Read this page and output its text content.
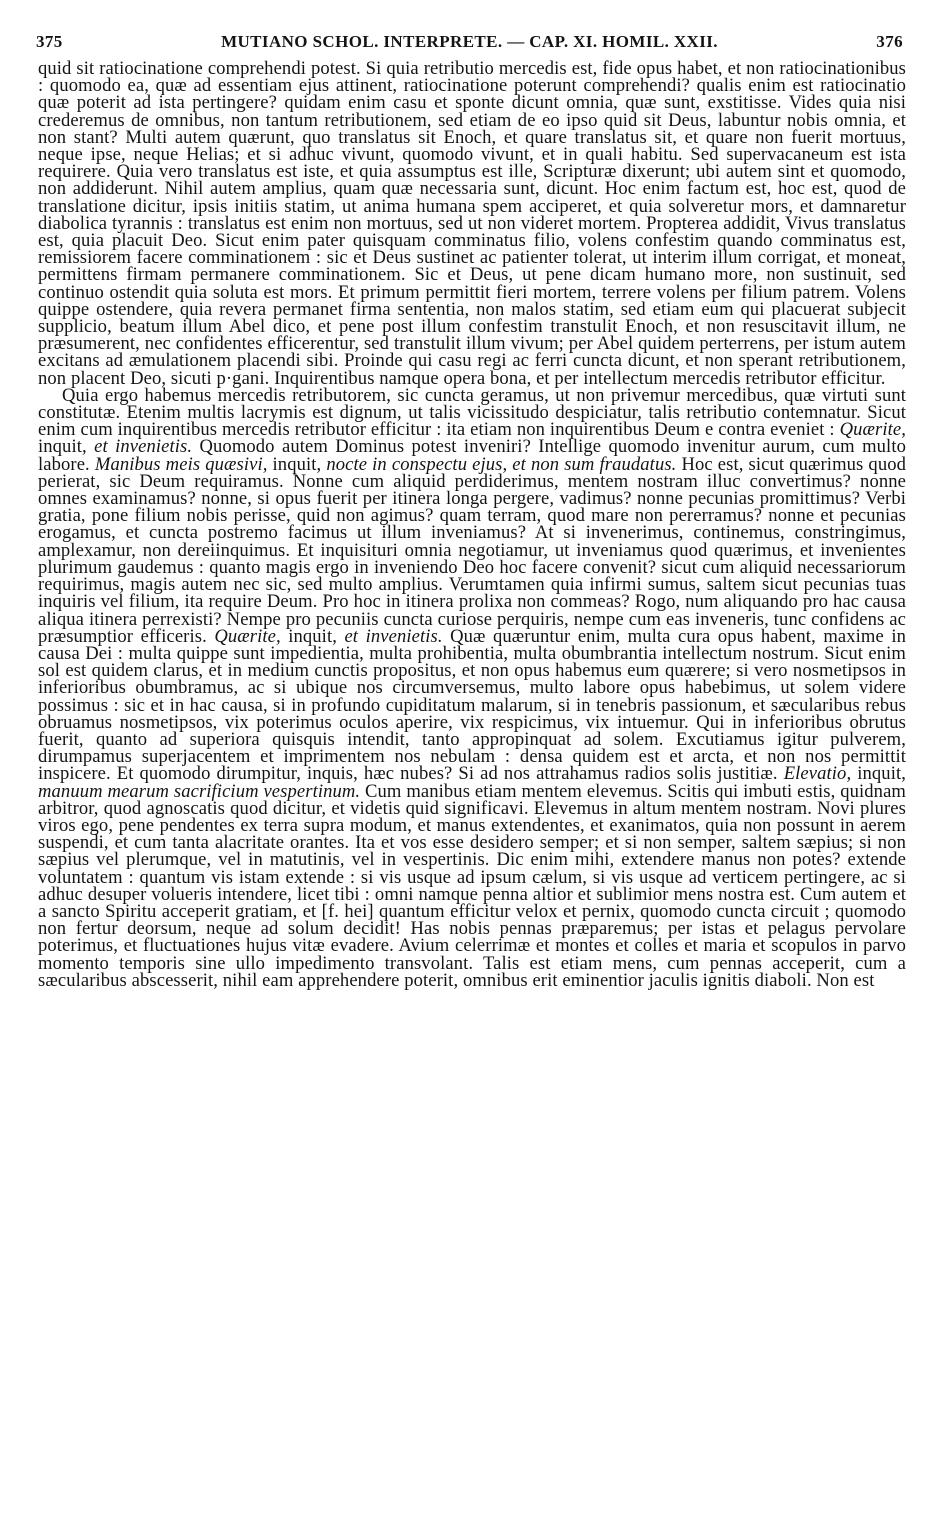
375	MUTIANO SCHOL. INTERPRETE. — CAP. XI. HOMIL. XXII.	376

quid sit ratiocinatione comprehendi potest. Si quia retributio mercedis est, fide opus habet, et non ratiocinationibus : quomodo ea, quæ ad essentiam ejus attinent, ratiocinatione poterunt comprehendi? qualis enim est ratiocinatio quæ poterit ad ista pertingere? quidam enim casu et sponte dicunt omnia, quæ sunt, exstitisse. Vides quia nisi crederemus de omnibus, non tantum retributionem, sed etiam de eo ipso quid sit Deus, labuntur nobis omnia, et non stant? Multi autem quærunt, quo translatus sit Enoch, et quare translatus sit, et quare non fuerit mortuus, neque ipse, neque Helias; et si adhuc vivunt, quomodo vivunt, et in quali habitu. Sed supervacaneum est ista requirere. Quia vero translatus est iste, et quia assumptus est ille, Scripturæ dixerunt; ubi autem sint et quomodo, non addiderunt. Nihil autem amplius, quam quæ necessaria sunt, dicunt. Hoc enim factum est, hoc est, quod de translatione dicitur, ipsis initiis statim, ut anima humana spem acciperet, et quia solveretur mors, et damnaretur diabolica tyrannis : translatus est enim non mortuus, sed ut non videret mortem. Propterea addidit, Vivus translatus est, quia placuit Deo. Sicut enim pater quisquam comminatus filio, volens confestim quando comminatus est, remissiorem facere comminationem : sic et Deus sustinet ac patienter tolerat, ut interim illum corrigat, et moneat, permittens firmam permanere comminationem. Sic et Deus, ut pene dicam humano more, non sustinuit, sed continuo ostendit quia soluta est mors. Et primum permittit fieri mortem, terrere volens per filium patrem. Volens quippe ostendere, quia revera permanet firma sententia, non malos statim, sed etiam eum qui placuerat subjecit supplicio, beatum illum Abel dico, et pene post illum confestim transtulit Enoch, et non resuscitavit illum, ne præsumerent, nec confidentes efficerentur, sed transtulit illum vivum; per Abel quidem perterrens, per istum autem excitans ad æmulationem placendi sibi. Proinde qui casu regi ac ferri cuncta dicunt, et non sperant retributionem, non placent Deo, sicuti p·gani. Inquirentibus namque opera bona, et per intellectum mercedis retributor efficitur.

Quia ergo habemus mercedis retributorem, sic cuncta geramus, ut non privemur mercedibus, quæ virtuti sunt constitutæ. Etenim multis lacrymis est dignum, ut talis vicissitudo despiciatur, talis retributio contemnatur. Sicut enim cum inquirentibus mercedis retributor efficitur : ita etiam non inquirentibus Deum e contra eveniet : Quærite, inquit, et invenietis. Quomodo autem Dominus potest inveniri? Intellige quomodo invenitur aurum, cum multo labore. Manibus meis quæsivi, inquit, nocte in conspectu ejus, et non sum fraudatus. Hoc est, sicut quærimus quod perierat, sic Deum requiramus. Nonne cum aliquid perdiderimus, mentem nostram illuc convertimus? nonne omnes examinamus? nonne, si opus fuerit per itinera longa pergere, vadimus? nonne pecunias promittimus? Verbi gratia, pone filium nobis perisse, quid non agimus? quam terram, quod mare non pererramus? nonne et pecunias erogamus, et cuncta postremo facimus ut illum inveniamus? At si invenerimus, continemus, constringimus, amplexamur, non dereiinquimus. Et inquisituri omnia negotiamur, ut inveniamus quod quærimus, et invenientes plurimum gaudemus : quanto magis ergo in inveniendo Deo hoc facere convenit? sicut cum aliquid necessariorum requirimus, magis autem nec sic, sed multo amplius. Verumtamen quia infirmi sumus, saltem sicut pecunias tuas inquiris vel filium, ita require Deum. Pro hoc in itinera prolixa non commeas? Rogo, num aliquando pro hac causa aliqua itinera perrexisti? Nempe pro pecuniis cuncta curiose perquiris, nempe cum eas inveneris, tunc confidens ac præsumptior efficeris. Quærite, inquit, et invenietis. Quæ quæruntur enim, multa cura opus habent, maxime in causa Dei : multa quippe sunt impedientia, multa prohibentia, multa obumbrantia intellectum nostrum. Sicut enim sol est quidem clarus, et in medium cunctis propositus, et non opus habemus eum quærere; si vero nosmetipsos in inferioribus obumbramus, ac si ubique nos circumversemus, multo labore opus habebimus, ut solem videre possimus : sic et in hac causa, si in profundo cupiditatum malarum, si in tenebris passionum, et sæcularibus rebus obruamus nosmetipsos, vix poterimus oculos aperire, vix respicimus, vix intuemur. Qui in inferioribus obrutus fuerit, quanto ad superiora quisquis intendit, tanto appropinquat ad solem. Excutiamus igitur pulverem, dirumpamus superjacentem et imprimentem nos nebulam : densa quidem est et arcta, et non nos permittit inspicere. Et quomodo dirumpitur, inquis, hæc nubes? Si ad nos attrahamus radios solis justitiæ. Elevatio, inquit, manuum mearum sacrificium vespertinum. Cum manibus etiam mentem elevemus. Scitis qui imbuti estis, quidnam arbitror, quod agnoscatis quod dicitur, et videtis quid significavi. Elevemus in altum mentem nostram. Novi plures viros ego, pene pendentes ex terra supra modum, et manus extendentes, et exanimatos, quia non possunt in aerem suspendi, et cum tanta alacritate orantes. Ita et vos esse desidero semper; et si non semper, saltem sæpius; si non sæpius vel plerumque, vel in matutinis, vel in vespertinis. Dic enim mihi, extendere manus non potes? extende voluntatem : quantum vis istam extende : si vis usque ad ipsum cælum, si vis usque ad verticem pertingere, ac si adhuc desuper volueris intendere, licet tibi : omni namque penna altior et sublimior mens nostra est. Cum autem et a sancto Spiritu acceperit gratiam, et [f. hei] quantum efficitur velox et pernix, quomodo cuncta circuit ; quomodo non fertur deorsum, neque ad solum decidit! Has nobis pennas præparemus; per istas et pelagus pervolare poterimus, et fluctuationes hujus vitæ evadere. Avium celerrimæ et montes et colles et maria et scopulos in parvo momento temporis sine ullo impedimento transvolant. Talis est etiam mens, cum pennas acceperit, cum a sæcularibus abscesserit, nihil eam apprehendere poterit, omnibus erit eminentior jaculis ignitis diaboli. Non est
